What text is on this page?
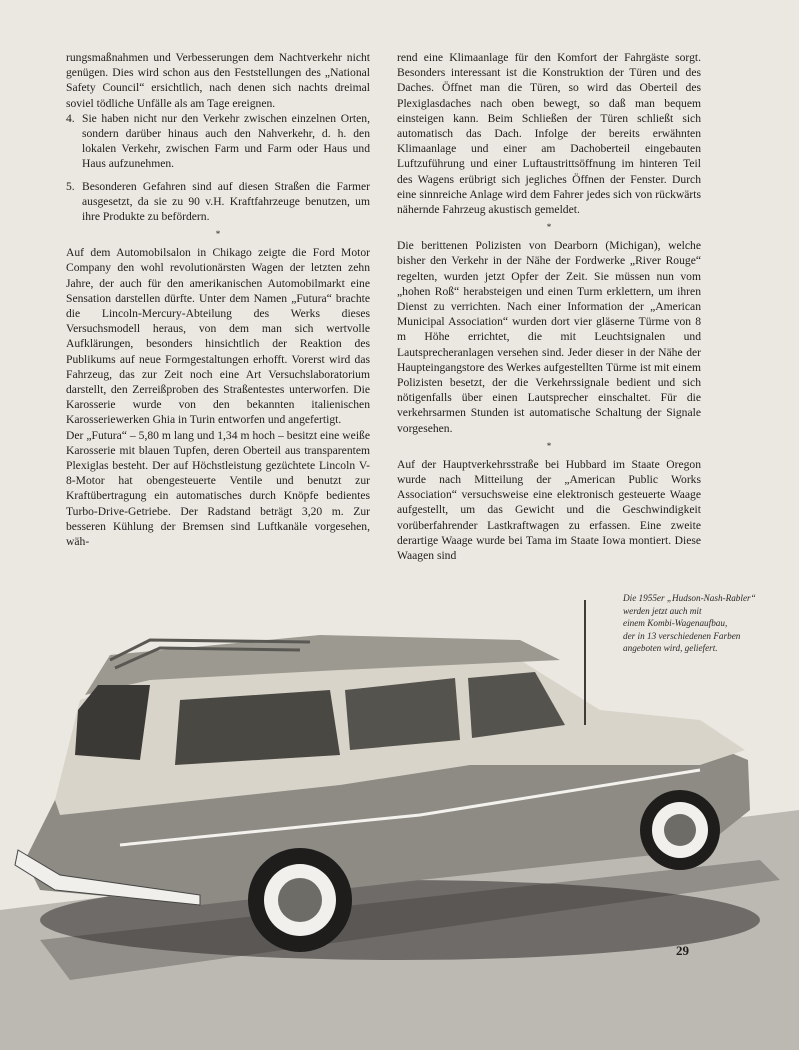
rungsmaßnahmen und Verbesserungen dem Nachtverkehr nicht genügen. Dies wird schon aus den Feststellungen des „National Safety Council“ ersichtlich, nach denen sich nachts dreimal soviel tödliche Unfälle als am Tage ereignen.

4. Sie haben nicht nur den Verkehr zwischen einzelnen Orten, sondern darüber hinaus auch den Nahverkehr, d. h. den lokalen Verkehr, zwischen Farm und Farm oder Haus und Haus aufzunehmen.
5. Besonderen Gefahren sind auf diesen Straßen die Farmer ausgesetzt, da sie zu 90 v.H. Kraftfahrzeuge benutzen, um ihre Produkte zu befördern.
*

Auf dem Automobilsalon in Chikago zeigte die Ford Motor Company den wohl revolutionärsten Wagen der letzten zehn Jahre, der auch für den amerikanischen Automobilmarkt eine Sensation darstellen dürfte. Unter dem Namen „Futura“ brachte die Lincoln-Mercury-Abteilung des Werks dieses Versuchsmodell heraus, von dem man sich wertvolle Aufklärungen, besonders hinsichtlich der Reaktion des Publikums auf neue Formgestaltungen erhofft. Vorerst wird das Fahrzeug, das zur Zeit noch eine Art Versuchslaboratorium darstellt, den Zerreißproben des Straßentestes unterworfen. Die Karosserie wurde von den bekannten italienischen Karosseriewerken Ghia in Turin entworfen und angefertigt.

Der „Futura“ – 5,80 m lang und 1,34 m hoch – besitzt eine weiße Karosserie mit blauen Tupfen, deren Oberteil aus transparentem Plexiglas besteht. Der auf Höchstleistung gezüchtete Lincoln V-8-Motor hat obengesteuerte Ventile und benutzt zur Kraftübertragung ein automatisches durch Knöpfe bedientes Turbo-Drive-Getriebe. Der Radstand beträgt 3,20 m. Zur besseren Kühlung der Bremsen sind Luftkanäle vorgesehen, wäh-

rend eine Klimaanlage für den Komfort der Fahrgäste sorgt. Besonders interessant ist die Konstruktion der Türen und des Daches. Öffnet man die Türen, so wird das Oberteil des Plexiglasdaches nach oben bewegt, so daß man bequem einsteigen kann. Beim Schließen der Türen schließt sich automatisch das Dach. Infolge der bereits erwähnten Klimaanlage und einer am Dachoberteil eingebauten Luftzuführung und einer Luftaustrittsöffnung im hinteren Teil des Wagens erübrigt sich jegliches Öffnen der Fenster. Durch eine sinnreiche Anlage wird dem Fahrer jedes sich von rückwärts nähernde Fahrzeug akustisch gemeldet.

*

Die berittenen Polizisten von Dearborn (Michigan), welche bisher den Verkehr in der Nähe der Fordwerke „River Rouge“ regelten, wurden jetzt Opfer der Zeit. Sie müssen nun vom „hohen Roß“ herabsteigen und einen Turm erklettern, um ihren Dienst zu verrichten. Nach einer Information der „American Municipal Association“ wurden dort vier gläserne Türme von 8 m Höhe errichtet, die mit Leuchtsignalen und Lautsprecheranlagen versehen sind. Jeder dieser in der Nähe der Haupteingangstore des Werkes aufgestellten Türme ist mit einem Polizisten besetzt, der die Verkehrssignale bedient und sich nötigenfalls über einen Lautsprecher einschaltet. Für die verkehrsarmen Stunden ist automatische Schaltung der Signale vorgesehen.

*

Auf der Hauptverkehrsstraße bei Hubbard im Staate Oregon wurde nach Mitteilung der „American Public Works Association“ versuchsweise eine elektronisch gesteuerte Waage aufgestellt, um das Gewicht und die Geschwindigkeit vorüberfahrender Lastkraftwagen zu erfassen. Eine zweite derartige Waage wurde bei Tama im Staate Iowa montiert. Diese Waagen sind

Die 1955er „Hudson-Nash-Rabler“
werden jetzt auch mit
einem Kombi-Wagenaufbau,
der in 13 verschiedenen Farben
angeboten wird, geliefert.
29
